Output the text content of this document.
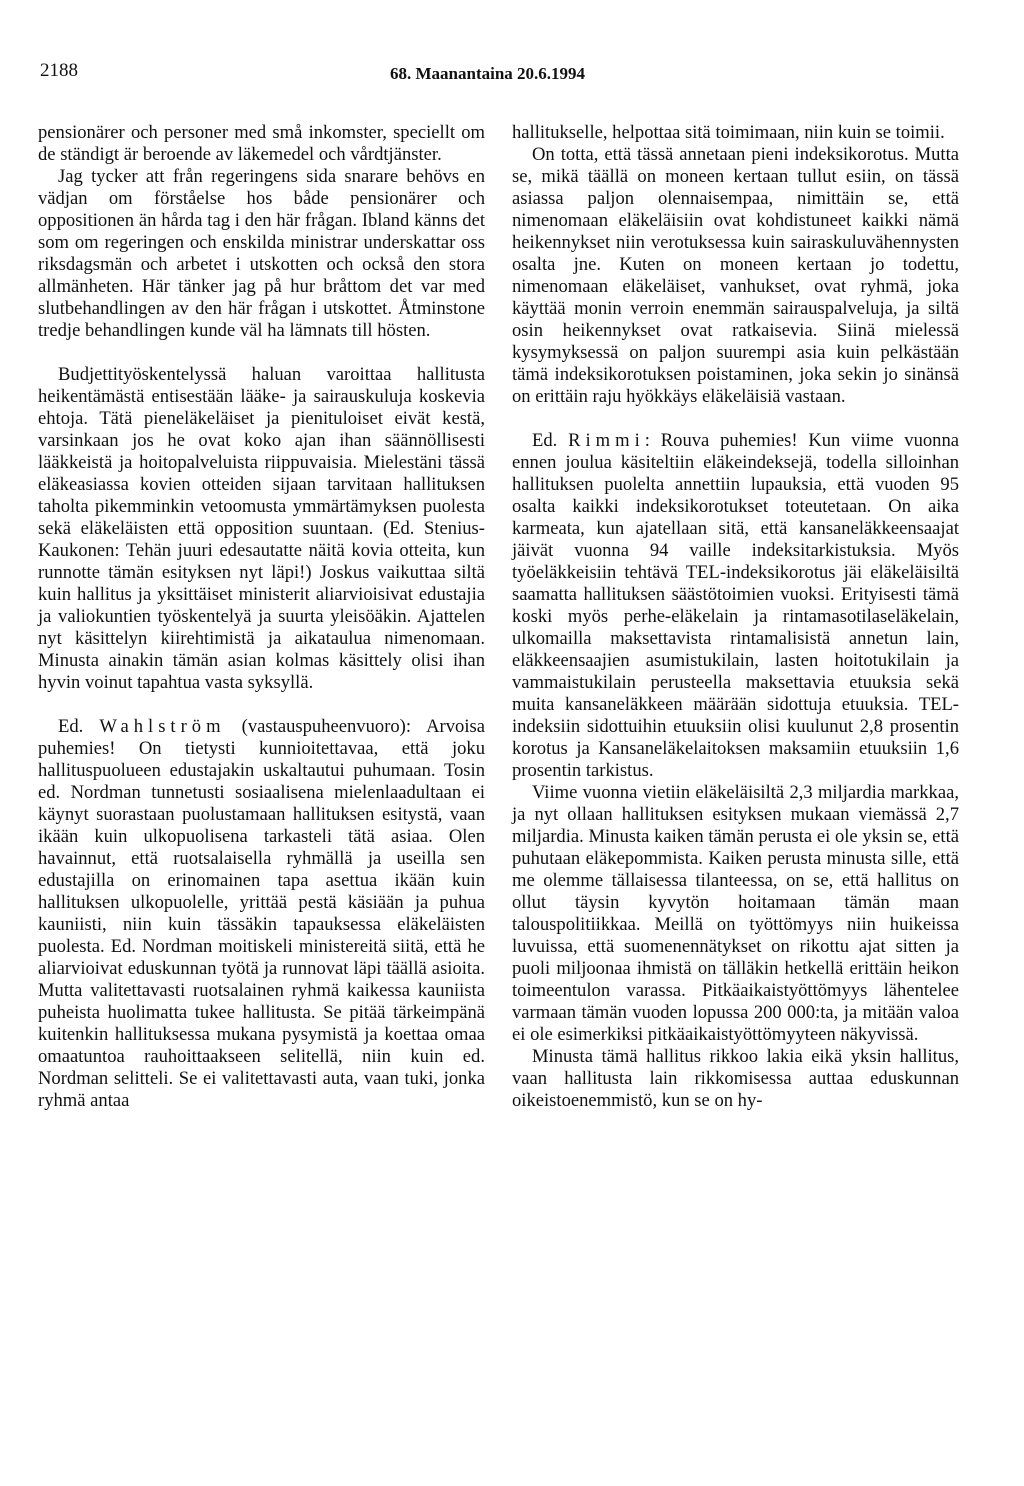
2188	68. Maanantaina 20.6.1994

pensionärer och personer med små inkomster, speciellt om de ständigt är beroende av läkemedel och vårdtjänster.

Jag tycker att från regeringens sida snarare behövs en vädjan om förståelse hos både pensionärer och oppositionen än hårda tag i den här frågan. Ibland känns det som om regeringen och enskilda ministrar underskattar oss riksdagsmän och arbetet i utskotten och också den stora allmänheten. Här tänker jag på hur bråttom det var med slutbehandlingen av den här frågan i utskottet. Åtminstone tredje behandlingen kunde väl ha lämnats till hösten.

Budjettityöskentelyssä haluan varoittaa hallitusta heikentämästä entisestään lääke- ja sairauskuluja koskevia ehtoja. Tätä pieneläkeläiset ja pienituloiset eivät kestä, varsinkaan jos he ovat koko ajan ihan säännöllisesti lääkkeistä ja hoitopalveluista riippuvaisia. Mielestäni tässä eläkeasiassa kovien otteiden sijaan tarvitaan hallituksen taholta pikemminkin vetoomusta ymmärtämyksen puolesta sekä eläkeläisten että opposition suuntaan. (Ed. Stenius-Kaukonen: Tehän juuri edesautatte näitä kovia otteita, kun runnotte tämän esityksen nyt läpi!) Joskus vaikuttaa siltä kuin hallitus ja yksittäiset ministerit aliarvioisivat edustajia ja valiokuntien työskentelyä ja suurta yleisöäkin. Ajattelen nyt käsittelyn kiirehtimistä ja aikataulua nimenomaan. Minusta ainakin tämän asian kolmas käsittely olisi ihan hyvin voinut tapahtua vasta syksyllä.

Ed. Wahlström (vastauspuheenvuoro): Arvoisa puhemies! On tietysti kunnioitettavaa, että joku hallituspuolueen edustajakin uskaltautui puhumaan. Tosin ed. Nordman tunnetusti sosiaalisena mielenlaadultaan ei käynyt suorastaan puolustamaan hallituksen esitystä, vaan ikään kuin ulkopuolisena tarkasteli tätä asiaa. Olen havainnut, että ruotsalaisella ryhmällä ja useilla sen edustajilla on erinomainen tapa asettua ikään kuin hallituksen ulkopuolelle, yrittää pestä käsiään ja puhua kauniisti, niin kuin tässäkin tapauksessa eläkeläisten puolesta. Ed. Nordman moitiskeli ministereitä siitä, että he aliarvioivat eduskunnan työtä ja runnovat läpi täällä asioita. Mutta valitettavasti ruotsalainen ryhmä kaikessa kauniista puheista huolimatta tukee hallitusta. Se pitää tärkeimpänä kuitenkin hallituksessa mukana pysymistä ja koettaa omaa omaatuntoa rauhoittaakseen selitellä, niin kuin ed. Nordman selitteli. Se ei valitettavasti auta, vaan tuki, jonka ryhmä antaa

hallitukselle, helpottaa sitä toimimaan, niin kuin se toimii.

On totta, että tässä annetaan pieni indeksikorotus. Mutta se, mikä täällä on moneen kertaan tullut esiin, on tässä asiassa paljon olennaisempaa, nimittäin se, että nimenomaan eläkeläisiin ovat kohdistuneet kaikki nämä heikennykset niin verotuksessa kuin sairaskuluvähennysten osalta jne. Kuten on moneen kertaan jo todettu, nimenomaan eläkeläiset, vanhukset, ovat ryhmä, joka käyttää monin verroin enemmän sairauspalveluja, ja siltä osin heikennykset ovat ratkaisevia. Siinä mielessä kysymyksessä on paljon suurempi asia kuin pelkästään tämä indeksikorotuksen poistaminen, joka sekin jo sinänsä on erittäin raju hyökkäys eläkeläisiä vastaan.

Ed. Rimmi: Rouva puhemies! Kun viime vuonna ennen joulua käsiteltiin eläkeindeksejä, todella silloinhan hallituksen puolelta annettiin lupauksia, että vuoden 95 osalta kaikki indeksikorotukset toteutetaan. On aika karmeata, kun ajatellaan sitä, että kansaneläkkeensaajat jäivät vuonna 94 vaille indeksitarkistuksia. Myös työeläkkeisiin tehtävä TEL-indeksikorotus jäi eläkeläisiltä saamatta hallituksen säästötoimien vuoksi. Erityisesti tämä koski myös perhe-eläkelain ja rintamasotilaseläkelain, ulkomailla maksettavista rintamalisistä annetun lain, eläkkeensaajien asumistukilain, lasten hoitotukilain ja vammaistukilain perusteella maksettavia etuuksia sekä muita kansaneläkkeen määrään sidottuja etuuksia. TEL-indeksiin sidottuihin etuuksiin olisi kuulunut 2,8 prosentin korotus ja Kansaneläkelaitoksen maksamiin etuuksiin 1,6 prosentin tarkistus.

Viime vuonna vietiin eläkeläisiltä 2,3 miljardia markkaa, ja nyt ollaan hallituksen esityksen mukaan viemässä 2,7 miljardia. Minusta kaiken tämän perusta ei ole yksin se, että puhutaan eläkepommista. Kaiken perusta minusta sille, että me olemme tällaisessa tilanteessa, on se, että hallitus on ollut täysin kyvytön hoitamaan tämän maan talouspolitiikkaa. Meillä on työttömyys niin huikeissa luvuissa, että suomenennätykset on rikottu ajat sitten ja puoli miljoonaa ihmistä on tälläkin hetkellä erittäin heikon toimeentulon varassa. Pitkäaikaistyöttömyys lähentelee varmaan tämän vuoden lopussa 200 000:ta, ja mitään valoa ei ole esimerkiksi pitkäaikaistyöttömyyteen näkyvissä.

Minusta tämä hallitus rikkoo lakia eikä yksin hallitus, vaan hallitusta lain rikkomisessa auttaa eduskunnan oikeistoenemmistö, kun se on hy-
